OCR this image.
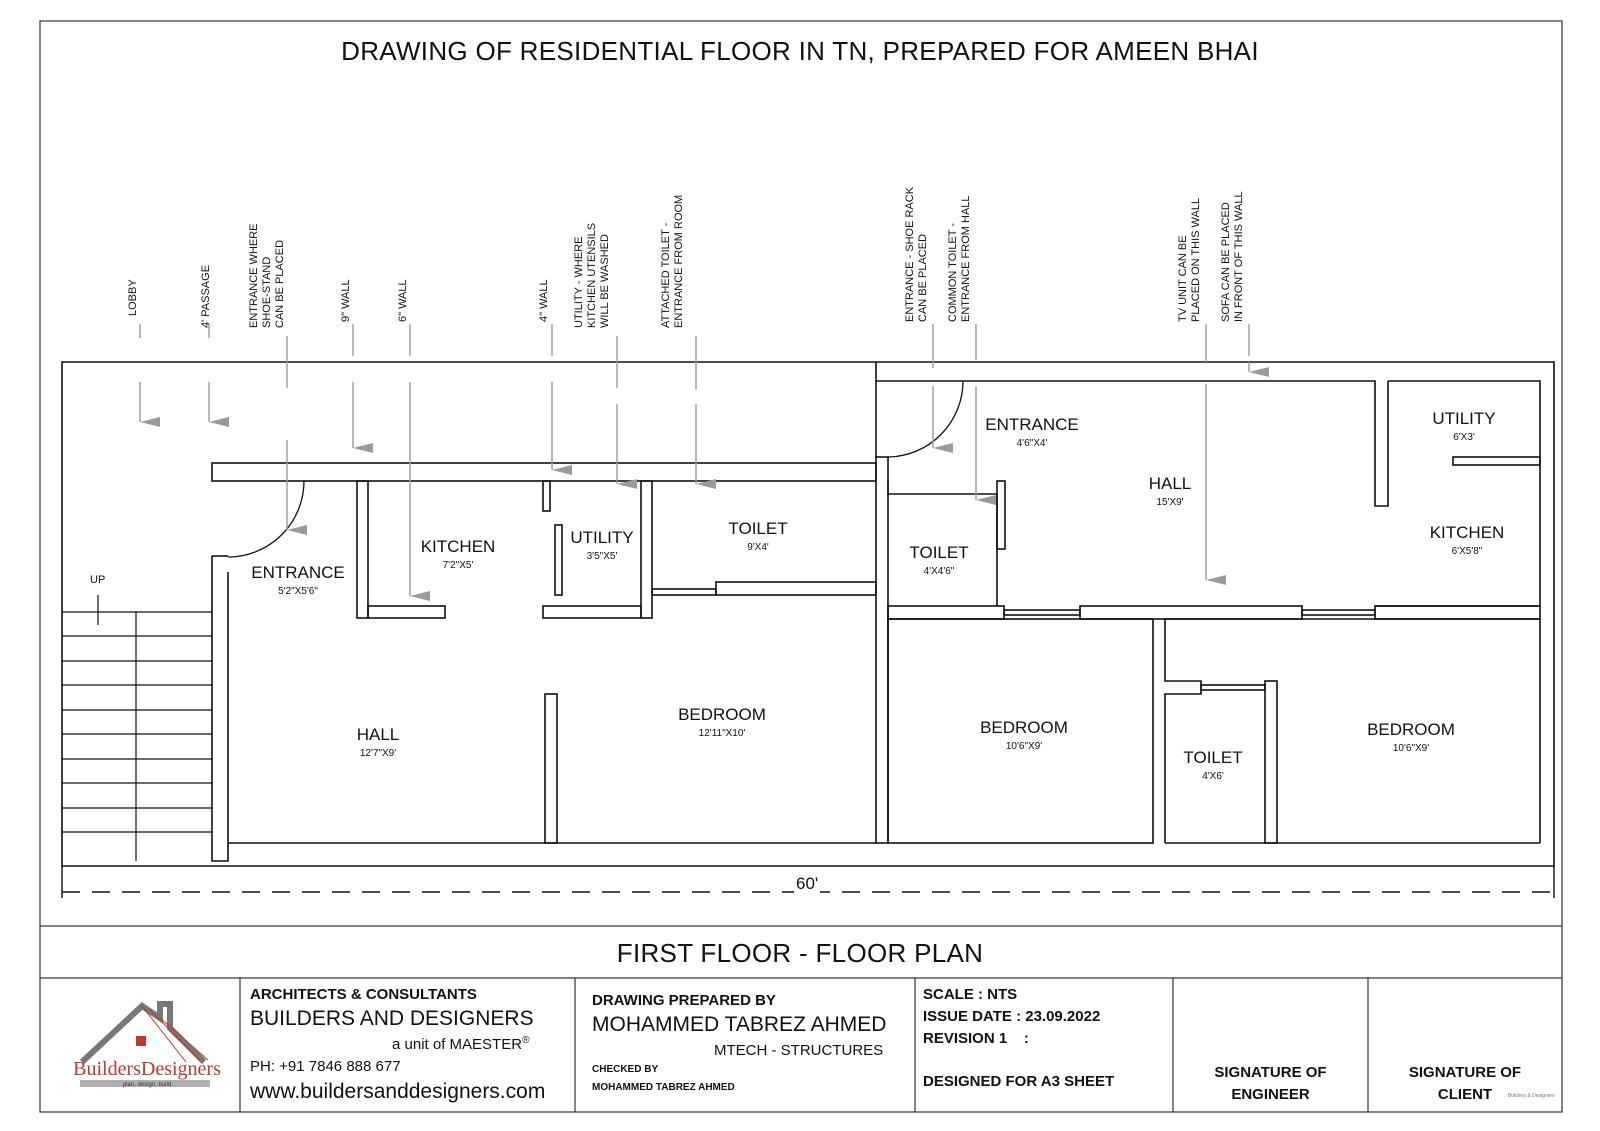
LOBBY	4' PASSAGE	ENTRANCE WHERE SHOE-STAND CAN BE PLACED	9" WALL	6" WALL	4" WALL UTILITY - WHERE KITCHEN UTENSILS WILL BE WASHED	ATTACHED TOILET - ENTRANCE FROM ROOM	ENTRANCE - SHOE RACK CAN BE PLACED COMMON TOILET - ENTRANCE FROM HALL	TV UNIT CAN BE PLACED ON THIS WALL SOFA CAN BE PLACED IN FRONT OF THIS WALL
ENTRANCE
5'2"X5'6"
KITCHEN
7'2"X5'
UTILITY
3'5"X5'
TOILET
9'X4'
HALL
12'7"X9'
BEDROOM
12'11"X10'
ENTRANCE
4'6"X4'
HALL
15'X9'
UTILITY
6'X3'
KITCHEN
6'X5'8"
TOILET
4'X4'6"
BEDROOM
10'6"X9'
TOILET
4'X6'
BEDROOM
10'6"X9'
DRAWING OF RESIDENTIAL FLOOR IN TN, PREPARED FOR AMEEN BHAI
UP
60'
FIRST FLOOR - FLOOR PLAN
BuildersDesigners
plan, design, build
ARCHITECTS & CONSULTANTS
BUILDERS AND DESIGNERS
a unit of MAESTER®
PH: +91 7846 888 677
www.buildersanddesigners.com
DRAWING PREPARED BY
MOHAMMED TABREZ AHMED
MTECH - STRUCTURES
CHECKED BY
MOHAMMED TABREZ AHMED
SCALE : NTS
ISSUE DATE : 23.09.2022
REVISION 1    :
DESIGNED FOR A3 SHEET
SIGNATURE OF
ENGINEER
SIGNATURE OF
CLIENT	Builders & Designers
